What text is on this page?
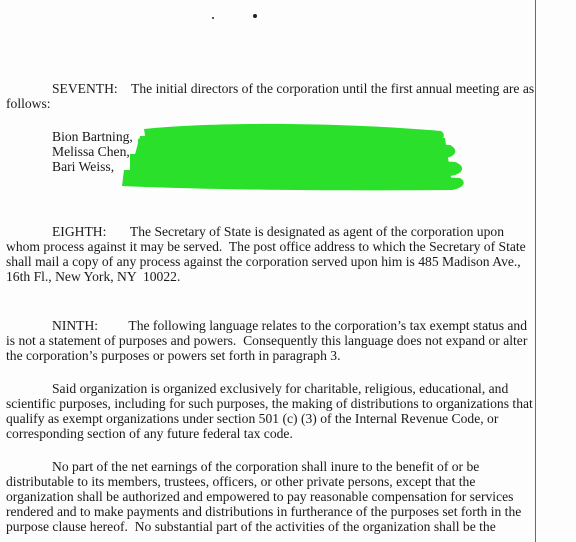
SEVENTH:    The initial directors of the corporation until the first annual meeting are as
follows:
Bion Bartning,
Melissa Chen,
Bari Weiss,
EIGHTH:       The Secretary of State is designated as agent of the corporation upon
whom process against it may be served.  The post office address to which the Secretary of State
shall mail a copy of any process against the corporation served upon him is 485 Madison Ave.,
16th Fl., New York, NY  10022.
NINTH:         The following language relates to the corporation’s tax exempt status and
is not a statement of purposes and powers.  Consequently this language does not expand or alter
the corporation’s purposes or powers set forth in paragraph 3.
Said organization is organized exclusively for charitable, religious, educational, and
scientific purposes, including for such purposes, the making of distributions to organizations that
qualify as exempt organizations under section 501 (c) (3) of the Internal Revenue Code, or
corresponding section of any future federal tax code.
No part of the net earnings of the corporation shall inure to the benefit of or be
distributable to its members, trustees, officers, or other private persons, except that the
organization shall be authorized and empowered to pay reasonable compensation for services
rendered and to make payments and distributions in furtherance of the purposes set forth in the
purpose clause hereof.  No substantial part of the activities of the organization shall be the
